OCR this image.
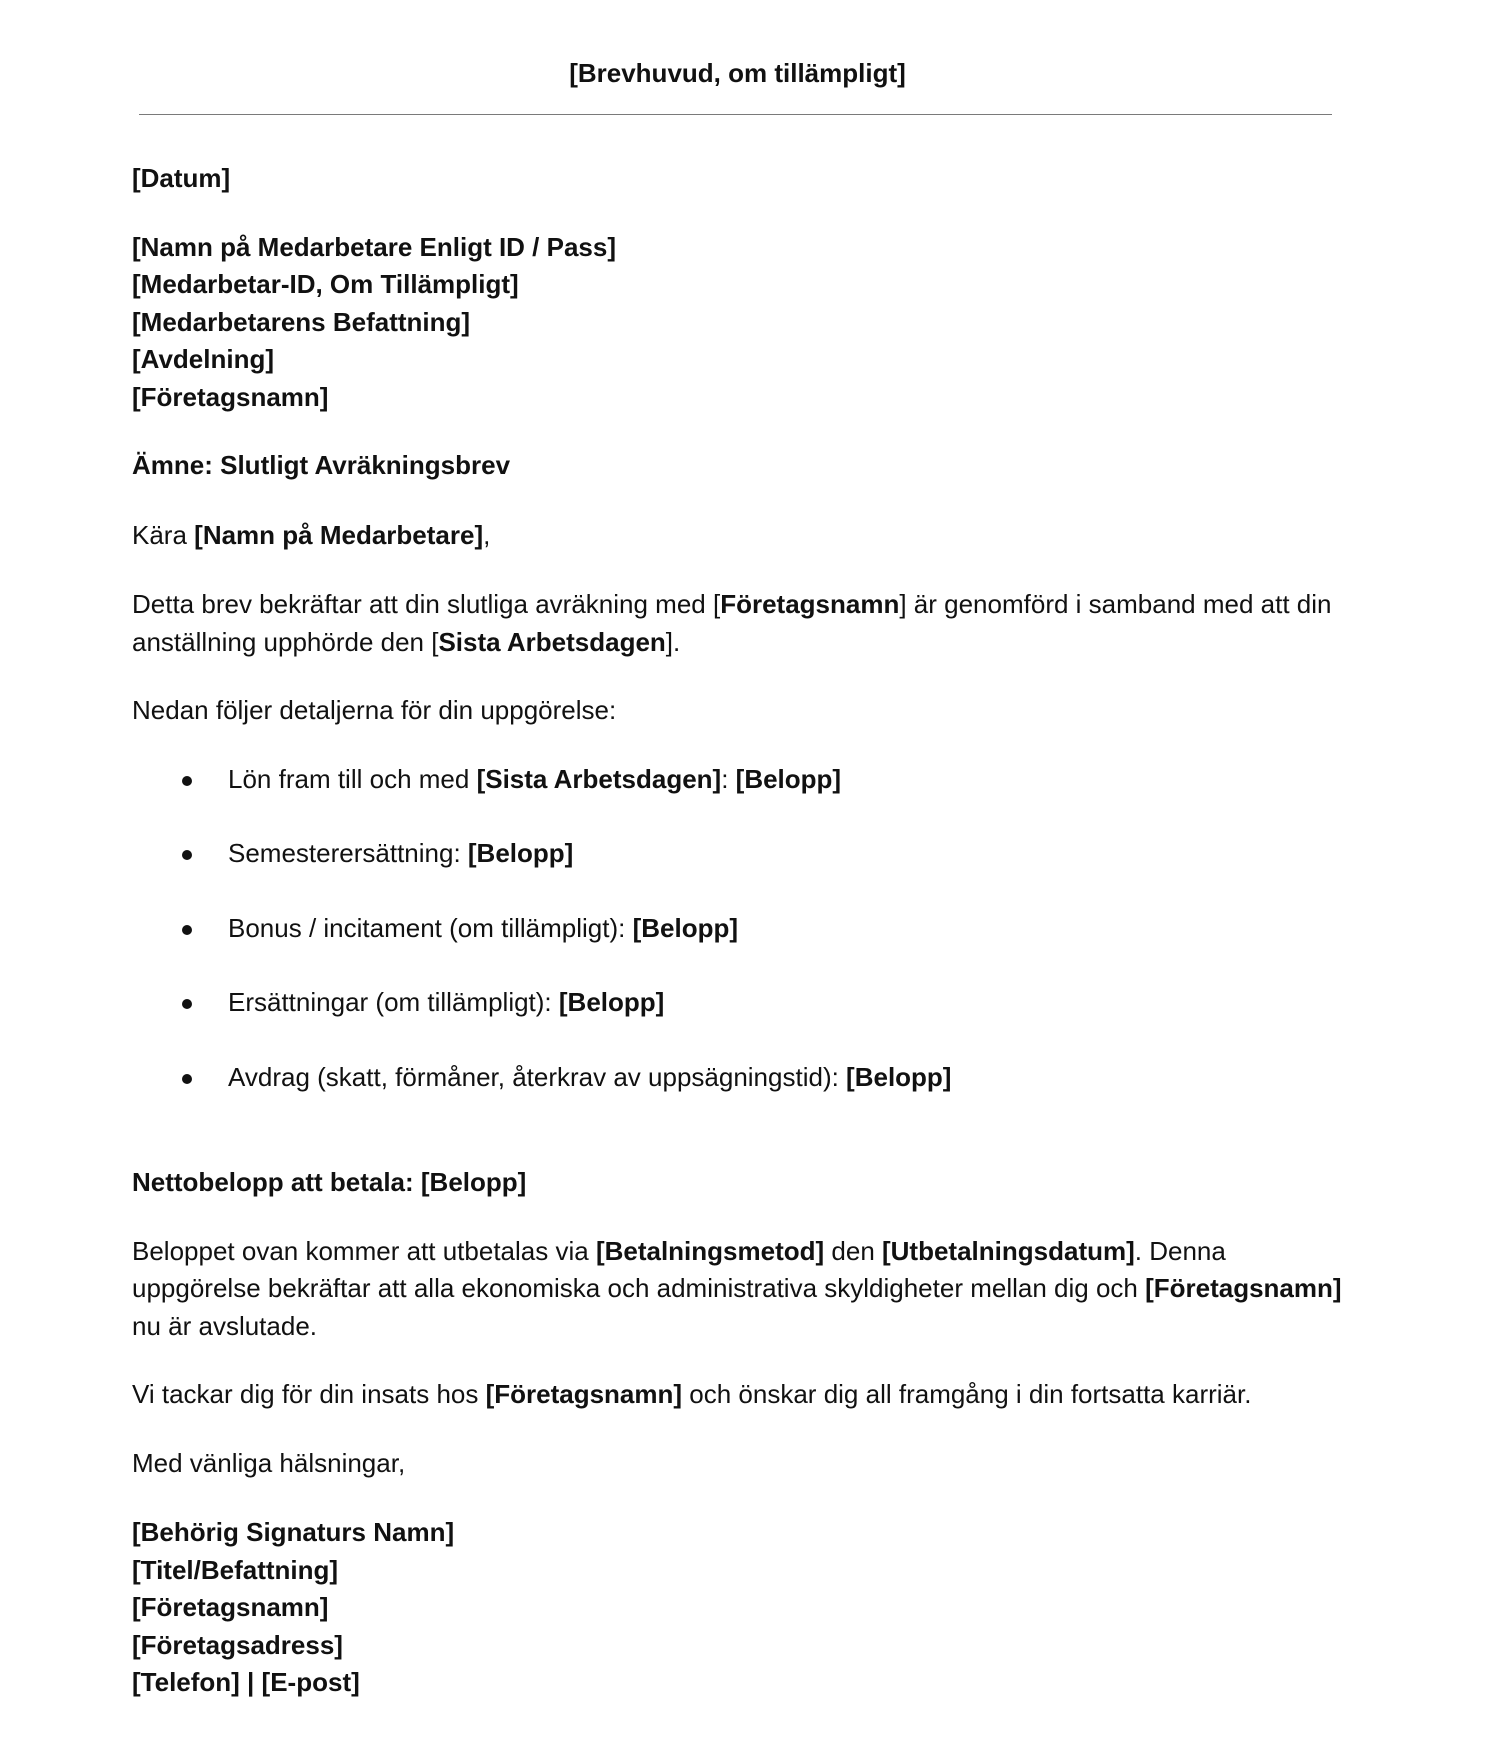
[Brevhuvud, om tillämpligt]

[Datum]

[Namn på Medarbetare Enligt ID / Pass]
[Medarbetar-ID, Om Tillämpligt]
[Medarbetarens Befattning]
[Avdelning]
[Företagsnamn]

Ämne: Slutligt Avräkningsbrev

Kära [Namn på Medarbetare],

Detta brev bekräftar att din slutliga avräkning med [Företagsnamn] är genomförd i samband med att din anställning upphörde den [Sista Arbetsdagen].

Nedan följer detaljerna för din uppgörelse:

Lön fram till och med [Sista Arbetsdagen]: [Belopp]
Semesterersättning: [Belopp]
Bonus / incitament (om tillämpligt): [Belopp]
Ersättningar (om tillämpligt): [Belopp]
Avdrag (skatt, förmåner, återkrav av uppsägningstid): [Belopp]

Nettobelopp att betala: [Belopp]

Beloppet ovan kommer att utbetalas via [Betalningsmetod] den [Utbetalningsdatum]. Denna uppgörelse bekräftar att alla ekonomiska och administrativa skyldigheter mellan dig och [Företagsnamn] nu är avslutade.

Vi tackar dig för din insats hos [Företagsnamn] och önskar dig all framgång i din fortsatta karriär.

Med vänliga hälsningar,

[Behörig Signaturs Namn]
[Titel/Befattning]
[Företagsnamn]
[Företagsadress]
[Telefon] | [E-post]
